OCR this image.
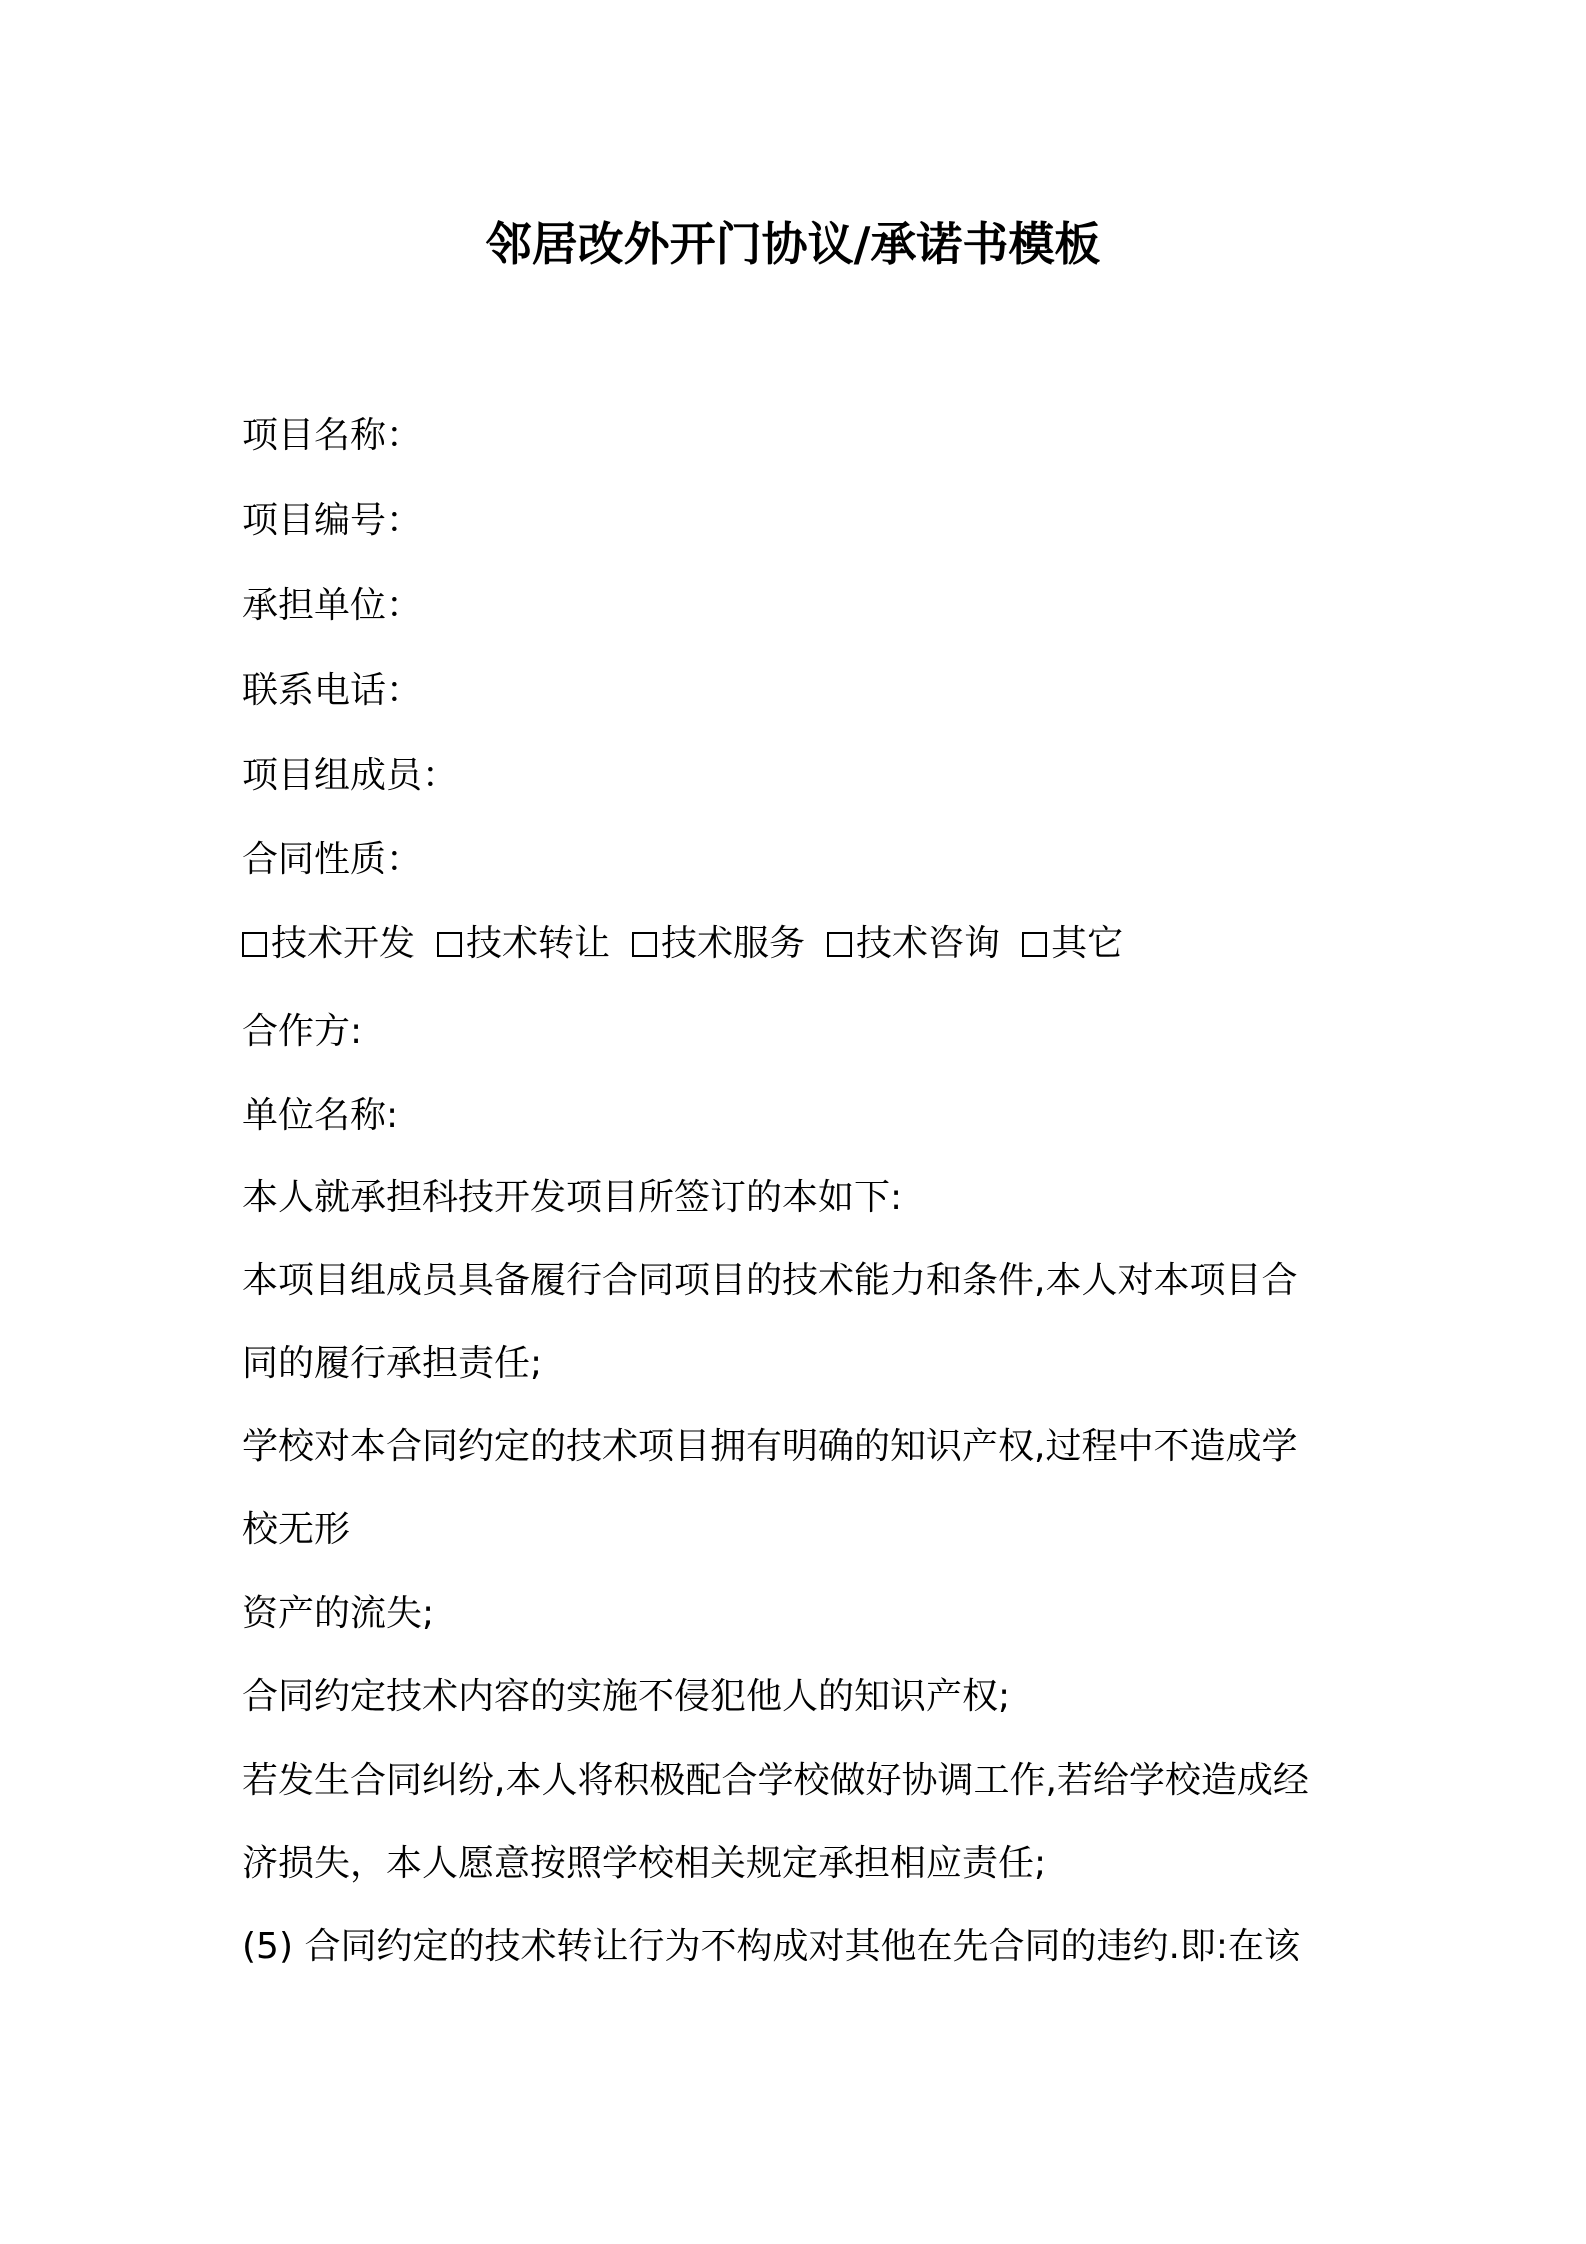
邻居改外开门协议/承诺书模板
项目名称：
项目编号：
承担单位：
联系电话：
项目组成员：
合同性质：
技术开发 技术转让 技术服务 技术咨询 其它
合作方:
单位名称:
本人就承担科技开发项目所签订的本如下:
本项目组成员具备履行合同项目的技术能力和条件,本人对本项目合
同的履行承担责任;
学校对本合同约定的技术项目拥有明确的知识产权,过程中不造成学
校无形
资产的流失;
合同约定技术内容的实施不侵犯他人的知识产权;
若发生合同纠纷,本人将积极配合学校做好协调工作,若给学校造成经
济损失，本人愿意按照学校相关规定承担相应责任;
(5) 合同约定的技术转让行为不构成对其他在先合同的违约.即:在该
